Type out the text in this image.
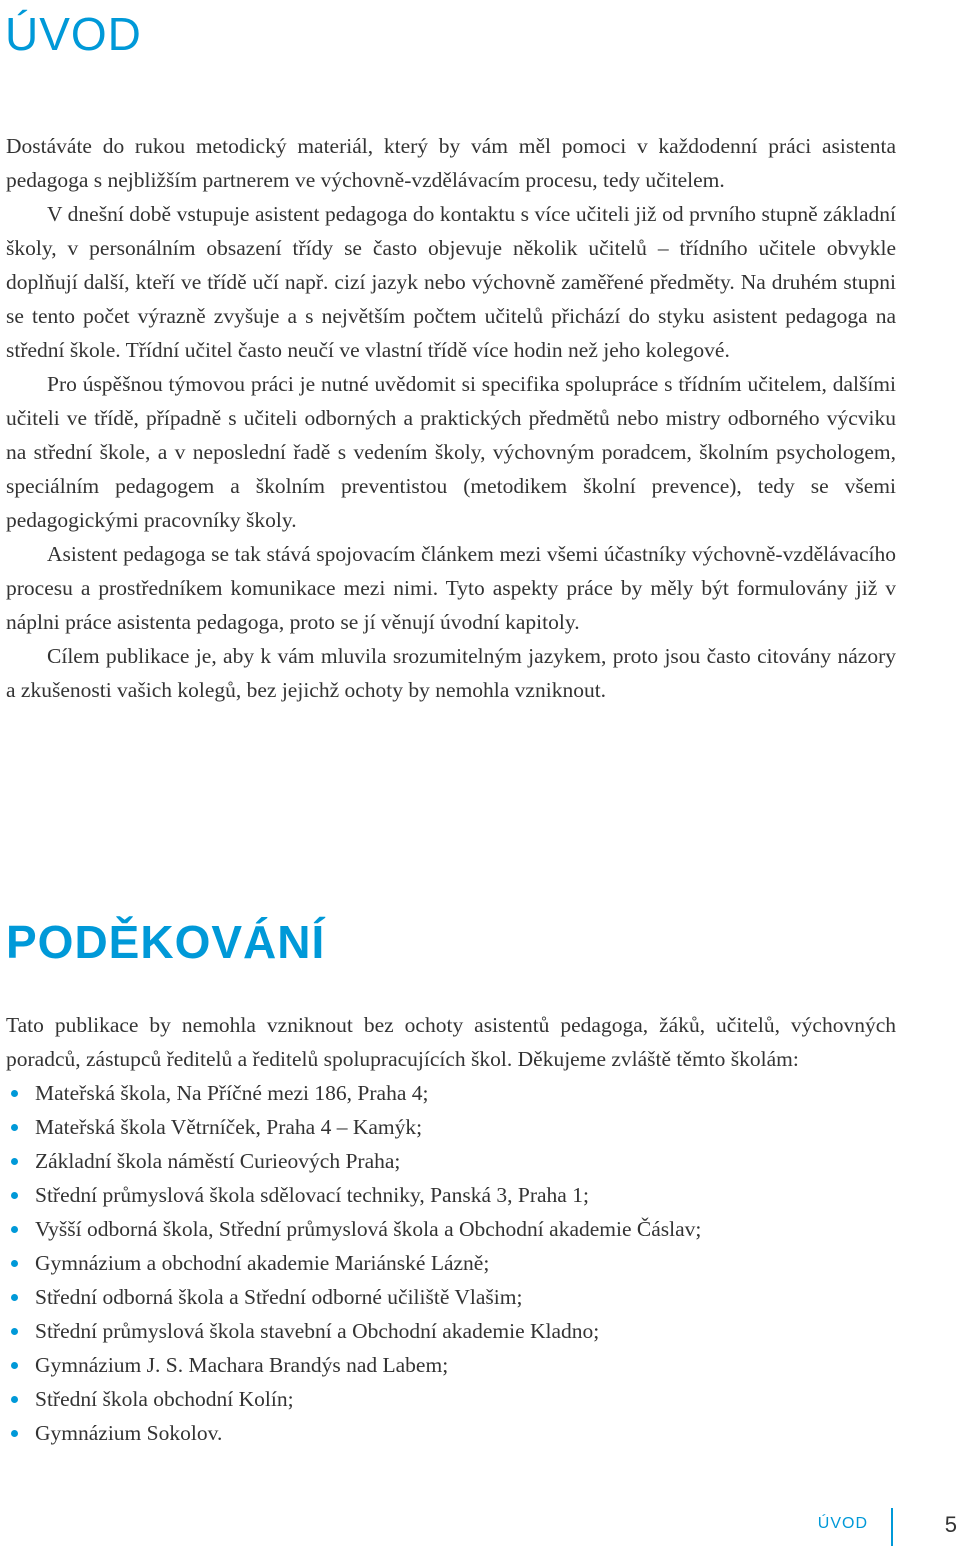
ÚVOD

Dostáváte do rukou metodický materiál, který by vám měl pomoci v každodenní práci asistenta pedagoga s nejbližším partnerem ve výchovně-vzdělávacím procesu, tedy učitelem.

V dnešní době vstupuje asistent pedagoga do kontaktu s více učiteli již od prvního stupně základní školy, v personálním obsazení třídy se často objevuje několik učitelů – třídního učitele obvykle doplňují další, kteří ve třídě učí např. cizí jazyk nebo výchovně zaměřené předměty. Na druhém stupni se tento počet výrazně zvyšuje a s největším počtem učitelů přichází do styku asistent pedagoga na střední škole. Třídní učitel často neučí ve vlastní třídě více hodin než jeho kolegové.

Pro úspěšnou týmovou práci je nutné uvědomit si specifika spolupráce s třídním učitelem, dalšími učiteli ve třídě, případně s učiteli odborných a praktických předmětů nebo mistry odborného výcviku na střední škole, a v neposlední řadě s vedením školy, výchovným poradcem, školním psychologem, speciálním pedagogem a školním preventistou (metodikem školní prevence), tedy se všemi pedagogickými pracovníky školy.

Asistent pedagoga se tak stává spojovacím článkem mezi všemi účastníky výchovně-vzdělávacího procesu a prostředníkem komunikace mezi nimi. Tyto aspekty práce by měly být formulovány již v náplni práce asistenta pedagoga, proto se jí věnují úvodní kapitoly.

Cílem publikace je, aby k vám mluvila srozumitelným jazykem, proto jsou často citovány názory a zkušenosti vašich kolegů, bez jejichž ochoty by nemohla vzniknout.

PODĚKOVÁNÍ

Tato publikace by nemohla vzniknout bez ochoty asistentů pedagoga, žáků, učitelů, výchovných poradců, zástupců ředitelů a ředitelů spolupracujících škol. Děkujeme zvláště těmto školám:

Mateřská škola, Na Příčné mezi 186, Praha 4;
Mateřská škola Větrníček, Praha 4 – Kamýk;
Základní škola náměstí Curieových Praha;
Střední průmyslová škola sdělovací techniky, Panská 3, Praha 1;
Vyšší odborná škola, Střední průmyslová škola a Obchodní akademie Čáslav;
Gymnázium a obchodní akademie Mariánské Lázně;
Střední odborná škola a Střední odborné učiliště Vlašim;
Střední průmyslová škola stavební a Obchodní akademie Kladno;
Gymnázium J. S. Machara Brandýs nad Labem;
Střední škola obchodní Kolín;
Gymnázium Sokolov.
ÚVOD	5
